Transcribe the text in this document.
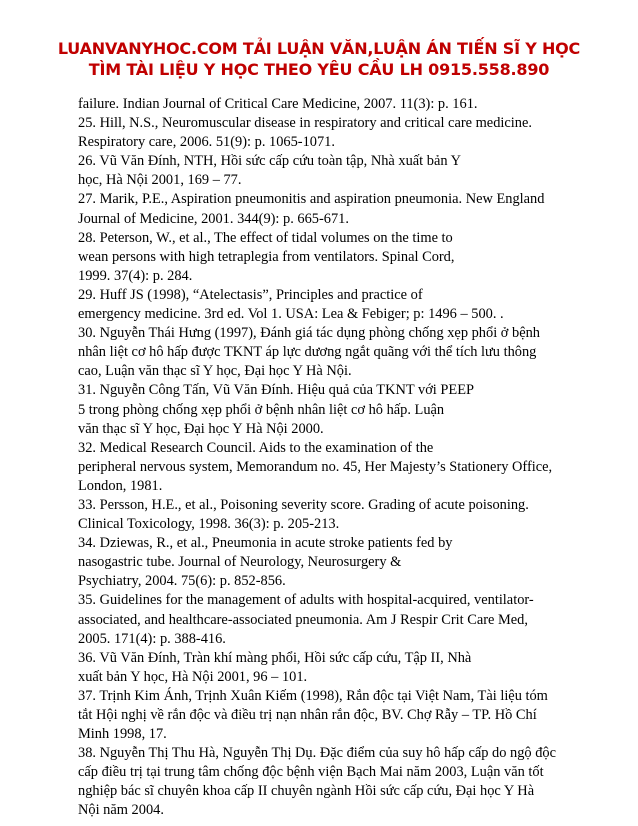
LUANVANYHOC.COM TẢI LUẬN VĂN,LUẬN ÁN TIẾN SĨ Y HỌC
TÌM TÀI LIỆU Y HỌC THEO YÊU CẦU LH 0915.558.890
failure. Indian Journal of Critical Care Medicine, 2007. 11(3): p. 161.
25. Hill, N.S., Neuromuscular disease in respiratory and critical care medicine.
Respiratory care, 2006. 51(9): p. 1065-1071.
26. Vũ Văn Đính, NTH, Hồi sức cấp cứu toàn tập, Nhà xuất bản Y
học, Hà Nội 2001, 169 – 77.
27. Marik, P.E., Aspiration pneumonitis and aspiration pneumonia. New England
Journal of Medicine, 2001. 344(9): p. 665-671.
28. Peterson, W., et al., The effect of tidal volumes on the time to
wean persons with high tetraplegia from ventilators. Spinal Cord,
1999. 37(4): p. 284.
29. Huff JS (1998), “Atelectasis”, Principles and practice of
emergency medicine. 3rd ed. Vol 1. USA: Lea & Febiger; p: 1496 – 500. .
30. Nguyễn Thái Hưng (1997), Đánh giá tác dụng phòng chống xẹp phổi ở bệnh
nhân liệt cơ hô hấp được TKNT áp lực dương ngắt quãng với thể tích lưu thông
cao, Luận văn thạc sĩ Y học, Đại học Y Hà Nội.
31. Nguyễn Công Tấn, Vũ Văn Đính. Hiệu quả của TKNT với PEEP
5 trong phòng chống xẹp phổi ở bệnh nhân liệt cơ hô hấp. Luận
văn thạc sĩ Y học, Đại học Y Hà Nội 2000.
32. Medical Research Council. Aids to the examination of the
peripheral nervous system, Memorandum no. 45, Her Majesty’s Stationery Office,
London, 1981.
33. Persson, H.E., et al., Poisoning severity score. Grading of acute poisoning.
Clinical Toxicology, 1998. 36(3): p. 205-213.
34. Dziewas, R., et al., Pneumonia in acute stroke patients fed by
nasogastric tube. Journal of Neurology, Neurosurgery &
Psychiatry, 2004. 75(6): p. 852-856.
35. Guidelines for the management of adults with hospital-acquired, ventilator-
associated, and healthcare-associated pneumonia. Am J Respir Crit Care Med,
2005. 171(4): p. 388-416.
36. Vũ Văn Đính, Tràn khí màng phổi, Hồi sức cấp cứu, Tập II, Nhà
xuất bản Y học, Hà Nội 2001, 96 – 101.
37. Trịnh Kim Ánh, Trịnh Xuân Kiếm (1998), Rắn độc tại Việt Nam, Tài liệu tóm
tắt Hội nghị về rắn độc và điều trị nạn nhân rắn độc, BV. Chợ Rẫy – TP. Hồ Chí
Minh 1998, 17.
38. Nguyễn Thị Thu Hà, Nguyễn Thị Dụ. Đặc điểm của suy hô hấp cấp do ngộ độc
cấp điều trị tại trung tâm chống độc bệnh viện Bạch Mai năm 2003, Luận văn tốt
nghiệp bác sĩ chuyên khoa cấp II chuyên ngành Hồi sức cấp cứu, Đại học Y Hà
Nội năm 2004.
